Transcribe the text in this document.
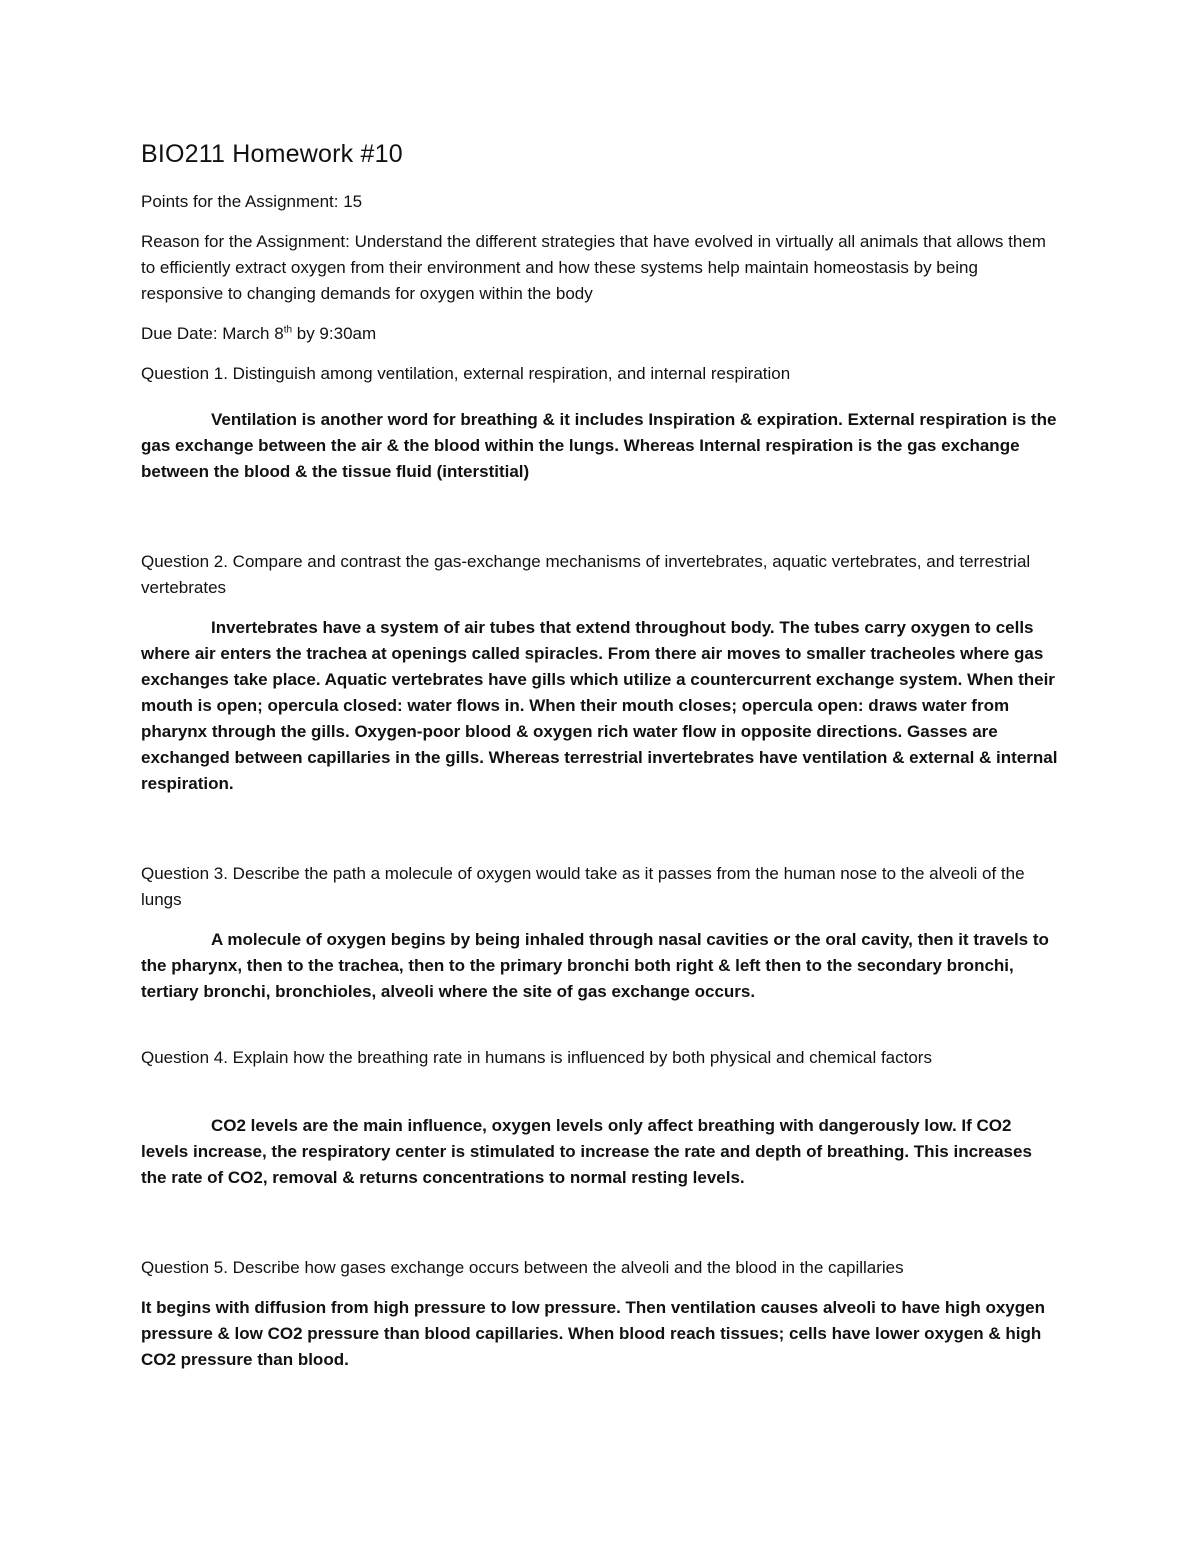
BIO211 Homework #10

Points for the Assignment: 15

Reason for the Assignment: Understand the different strategies that have evolved in virtually all animals that allows them to efficiently extract oxygen from their environment and how these systems help maintain homeostasis by being responsive to changing demands for oxygen within the body

Due Date: March 8th by 9:30am

Question 1. Distinguish among ventilation, external respiration, and internal respiration

Ventilation is another word for breathing & it includes Inspiration & expiration. External respiration is the gas exchange between the air & the blood within the lungs. Whereas Internal respiration is the gas exchange between the blood & the tissue fluid (interstitial)

Question 2. Compare and contrast the gas-exchange mechanisms of invertebrates, aquatic vertebrates, and terrestrial vertebrates

Invertebrates have a system of air tubes that extend throughout body. The tubes carry oxygen to cells where air enters the trachea at openings called spiracles. From there air moves to smaller tracheoles where gas exchanges take place. Aquatic vertebrates have gills which utilize a countercurrent exchange system. When their mouth is open; opercula closed: water flows in. When their mouth closes; opercula open: draws water from pharynx through the gills. Oxygen-poor blood & oxygen rich water flow in opposite directions. Gasses are exchanged between capillaries in the gills. Whereas terrestrial invertebrates have ventilation & external & internal respiration.

Question 3. Describe the path a molecule of oxygen would take as it passes from the human nose to the alveoli of the lungs

A molecule of oxygen begins by being inhaled through nasal cavities or the oral cavity, then it travels to the pharynx, then to the trachea, then to the primary bronchi both right & left then to the secondary bronchi, tertiary bronchi, bronchioles, alveoli where the site of gas exchange occurs.

Question 4. Explain how the breathing rate in humans is influenced by both physical and chemical factors

CO2 levels are the main influence, oxygen levels only affect breathing with dangerously low. If CO2 levels increase, the respiratory center is stimulated to increase the rate and depth of breathing. This increases the rate of CO2, removal & returns concentrations to normal resting levels.

Question 5. Describe how gases exchange occurs between the alveoli and the blood in the capillaries

It begins with diffusion from high pressure to low pressure. Then ventilation causes alveoli to have high oxygen pressure & low CO2 pressure than blood capillaries. When blood reach tissues; cells have lower oxygen & high CO2 pressure than blood.
